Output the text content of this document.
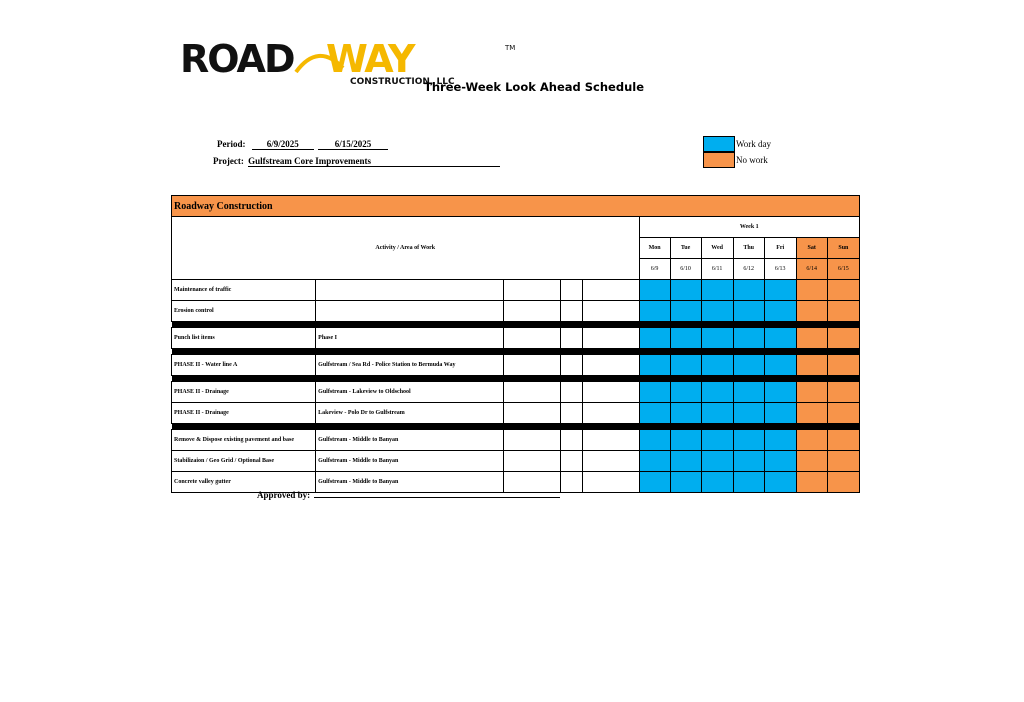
ROAD WAY	TM
CONSTRUCTION, LLC
Three-Week Look Ahead Schedule
Period: 6/9/2025	6/15/2025
Project: Gulfstream Core Improvements
Work day
No work
Roadway Construction											
Activity / Area of Work					Week 1						
					Mon	Tue	Wed	Thu	Fri	Sat	Sun
					6/9	6/10	6/11	6/12	6/13	6/14	6/15
Maintenance of traffic											
Erosion control											

Punch list items	Phase I										

PHASE II - Water line A	Gulfstream / Sea Rd - Police Station to Bermuda Way										

PHASE II - Drainage	Gulfstream - Lakeview to Oldschool										
PHASE II - Drainage	Lakeview - Polo Dr to Gulfstream										

Remove & Dispose existing pavement and base	Gulfstream - Middle to Banyan										
Stabilizaion / Geo Grid / Optional Base	Gulfstream - Middle to Banyan										
Concrete valley gutter	Gulfstream - Middle to Banyan										
Approved by:
